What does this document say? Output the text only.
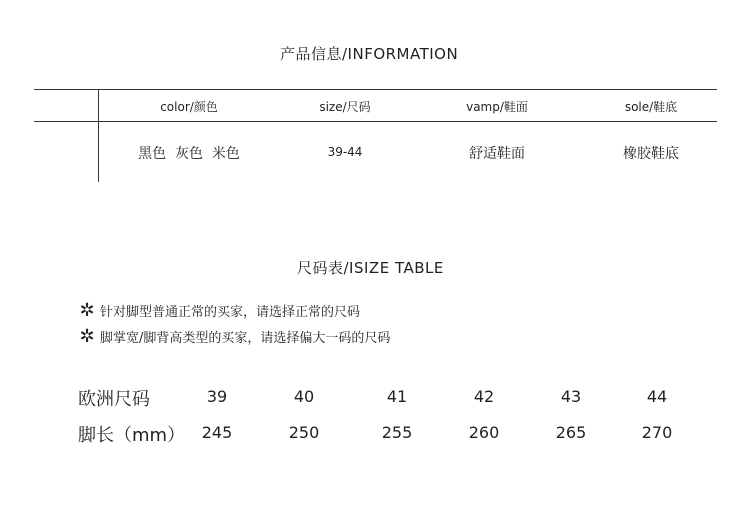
产品信息/INFORMATION
color/颜色	size/尺码	vamp/鞋面	sole/鞋底
黑色  灰色  米色	39-44	舒适鞋面	橡胶鞋底
尺码表/ISIZE TABLE
✲ 针对脚型普通正常的买家，请选择正常的尺码
✲ 脚掌宽/脚背高类型的买家，请选择偏大一码的尺码
欧洲尺码	39	40	41	42	43	44
脚长（mm） 245	250	255	260	265	270
